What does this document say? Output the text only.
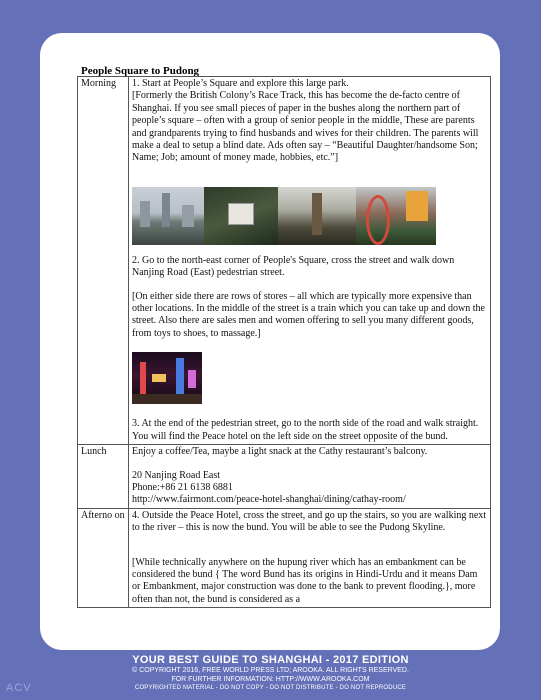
People Square to Pudong
Morning	1. Start at People’s Square and explore this large park.

[Formerly the British Colony’s Race Track, this has become the de-facto centre of Shanghai. If you see small pieces of paper in the bushes along the northern part of people’s square – often with a group of senior people in the middle, These are parents and grandparents trying to find husbands and wives for their children. The parents will make a deal to setup a blind date. Ads often say – “Beautiful Daughter/handsome Son; Name; Job; amount of money made, hobbies, etc.”]

2. Go to the north-east corner of People's Square, cross the street and walk down Nanjing Road (East) pedestrian street.

[On either side there are rows of stores – all which are typically more expensive than other locations. In the middle of the street is a train which you can take up and down the street. Also there are sales men and women offering to sell you many different goods, from toys to shoes, to massage.]

3. At the end of the pedestrian street, go to the north side of the road and walk straight. You will find the Peace hotel on the left side on the street opposite of the bund.

Lunch	Enjoy a coffee/Tea, maybe a light snack at the Cathy restaurant’s balcony.

20 Nanjing Road East

Phone:+86 21 6138 6881

http://www.fairmont.com/peace-hotel-shanghai/dining/cathay-room/

Afterno on	4. Outside the Peace Hotel, cross the street, and go up the stairs, so you are walking next to the river – this is now the bund. You will be able to see the Pudong Skyline.

[While technically anywhere on the hupung river which has an embankment can be considered the bund { The word Bund has its origins in Hindi-Urdu and it means Dam or Embankment, major construction was done to the bank to prevent flooding.}, more often than not, the bund is considered as a

YOUR BEST GUIDE TO SHANGHAI - 2017 EDITION
© COPYRIGHT 2016, FREE WORLD PRESS LTD; AROOKA. ALL RIGHTS RESERVED.
FOR FURTHER INFORMATION: HTTP://WWW.AROOKA.COM
COPYRIGHTED MATERIAL - DO NOT COPY - DO NOT DISTRIBUTE - DO NOT REPRODUCE
ACV
